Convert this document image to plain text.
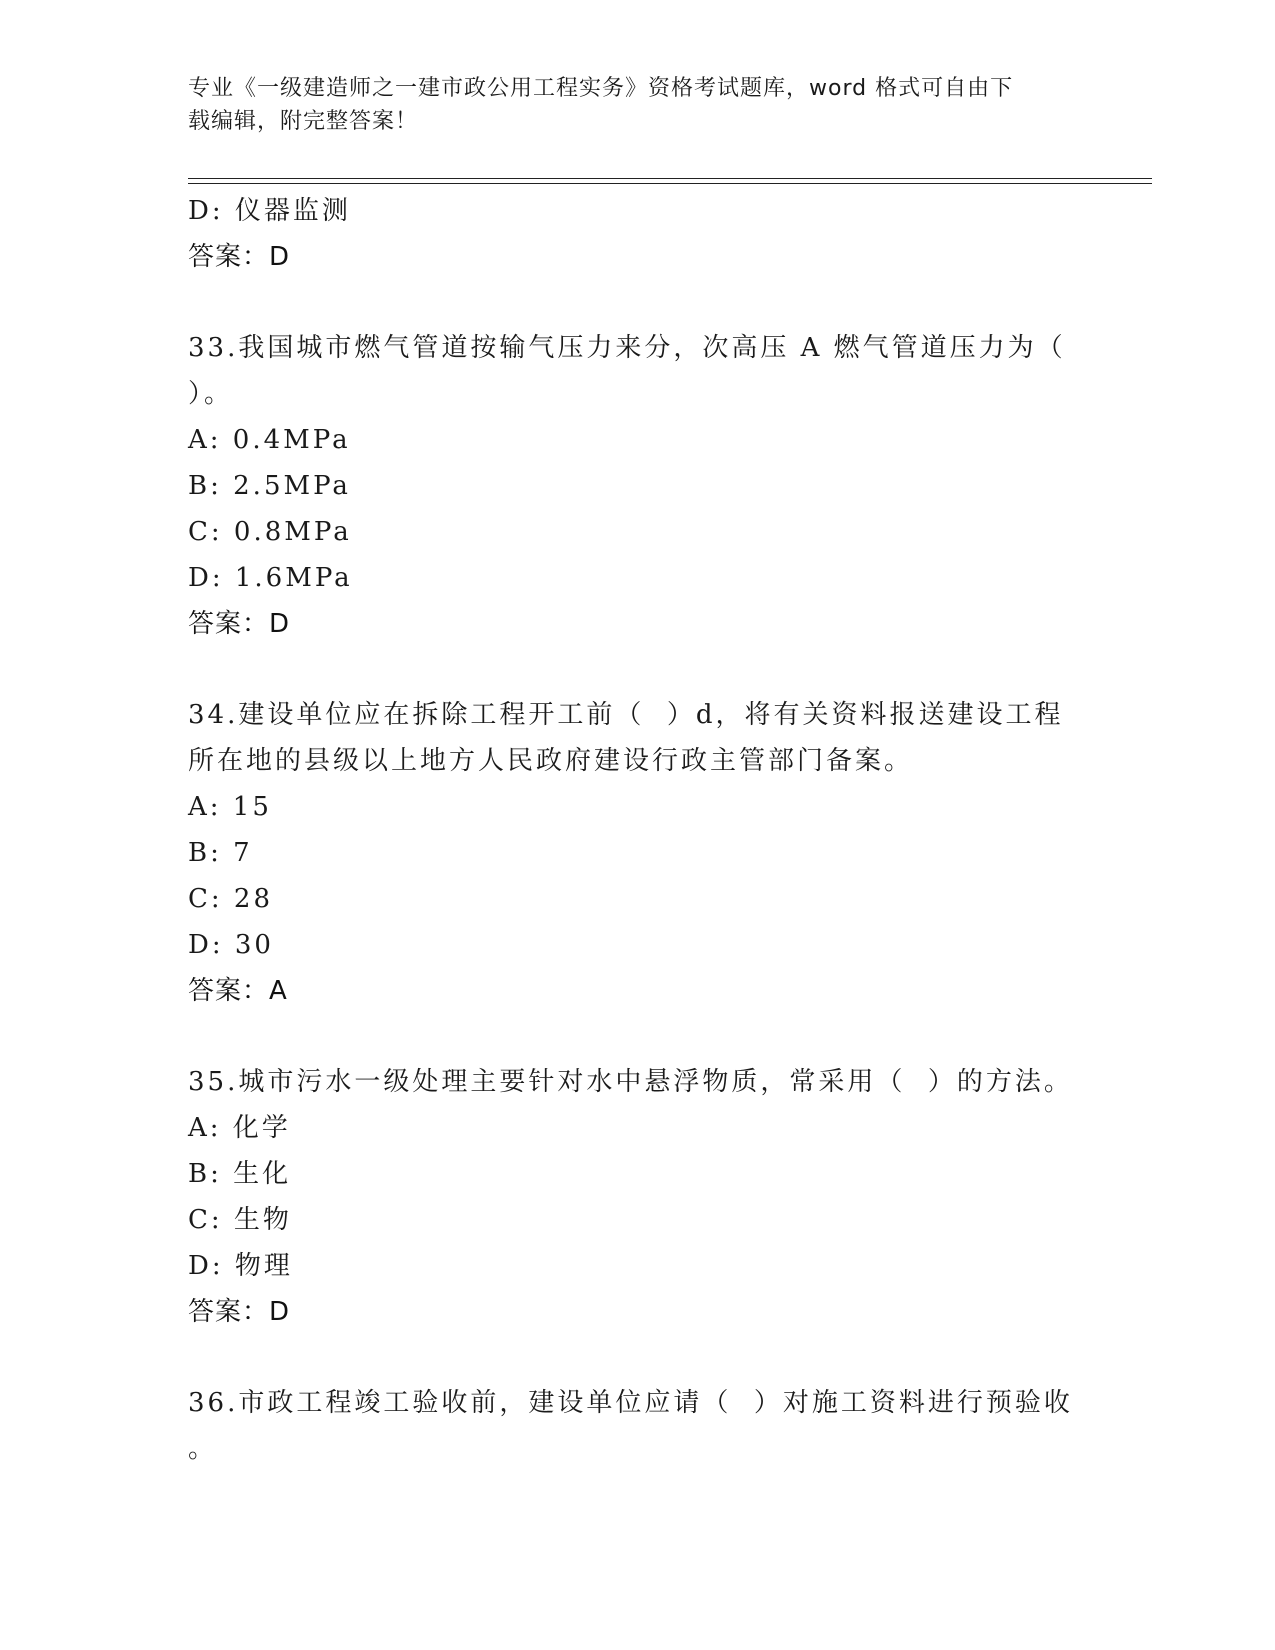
专业《一级建造师之一建市政公用工程实务》资格考试题库，word 格式可自由下
载编辑，附完整答案！
D: 仪器监测
答案：D
33.我国城市燃气管道按输气压力来分，次高压 A 燃气管道压力为（
）。
A: 0.4MPa
B: 2.5MPa
C: 0.8MPa
D: 1.6MPa
答案：D
34.建设单位应在拆除工程开工前（  ）d，将有关资料报送建设工程
所在地的县级以上地方人民政府建设行政主管部门备案。
A: 15
B: 7
C: 28
D: 30
答案：A
35.城市污水一级处理主要针对水中悬浮物质，常采用（  ）的方法。
A: 化学
B: 生化
C: 生物
D: 物理
答案：D
36.市政工程竣工验收前，建设单位应请（  ）对施工资料进行预验收
。
